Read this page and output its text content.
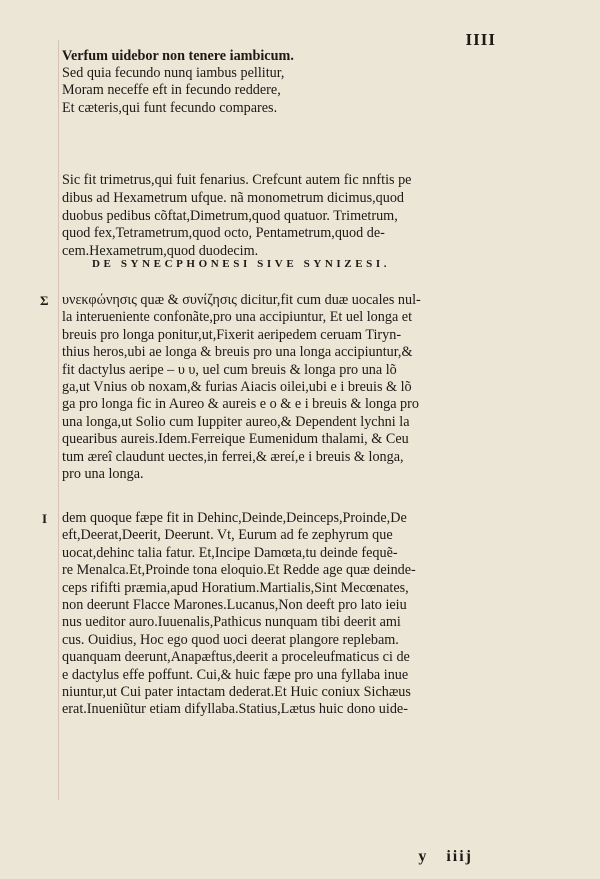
IIII
Verfum uidebor non tenere iambicum.
Sed quia fecundo nunq iambus pellitur,
Moram neceffe eft in fecundo reddere,
Et cæteris,qui funt fecundo compares.
Sic fit trimetrus,qui fuit fenarius. Crefcunt autem fic nnftis pe
dibus ad Hexametrum ufque. nã monometrum dicimus,quod
duobus pedibus cõftat,Dimetrum,quod quatuor. Trimetrum,
quod fex,Tetrametrum,quod octo, Pentametrum,quod de-
cem.Hexametrum,quod duodecim.
DE SYNECPHONESI SIVE SYNIZESI.
Σ υνεκφώνησις quæ & συνίζησις dicitur,fit cum duæ uocales nul-
la interueniente confonãte,pro una accipiuntur, Et uel longa et
breuis pro longa ponitur,ut,Fixerit aeripedem ceruam Tiryn-
thius heros,ubi ae longa & breuis pro una longa accipiuntur,&
fit dactylus aeripe – υ υ, uel cum breuis & longa pro una lõ
ga,ut Vnius ob noxam,& furias Aiacis oilei,ubi e i breuis & lõ
ga pro longa fic in Aureo & aureis e o & e i breuis & longa pro
una longa,ut Solio cum Iuppiter aureo,& Dependent lychni la
quearibus aureis.Idem.Ferreique Eumenidum thalami, & Ceu
tum æreî claudunt uectes,in ferrei,& æreí,e i breuis & longa,
pro una longa.
I dem quoque fæpe fit in Dehinc,Deinde,Deinceps,Proinde,De
eft,Deerat,Deerit, Deerunt. Vt, Eurum ad fe zephyrum que
uocat,dehinc talia fatur. Et,Incipe Damœta,tu deinde fequẽ-
re Menalca.Et,Proinde tona eloquio.Et Redde age quæ deinde-
ceps rififti præmia,apud Horatium.Martialis,Sint Mecœnates,
non deerunt Flacce Marones.Lucanus,Non deeft pro lato ieiu
nus ueditor auro.Iuuenalis,Pathicus nunquam tibi deerit ami
cus. Ouidius, Hoc ego quod uoci deerat plangore replebam.
quanquam deerunt,Anapæftus,deerit a proceleufmaticus ci de
e dactylus effe poffunt. Cui,& huic fæpe pro una fyllaba inue
niuntur,ut Cui pater intactam dederat.Et Huic coniux Sichæus
erat.Inueniũtur etiam difyllaba.Statius,Lætus huic dono uide-
y iiij
